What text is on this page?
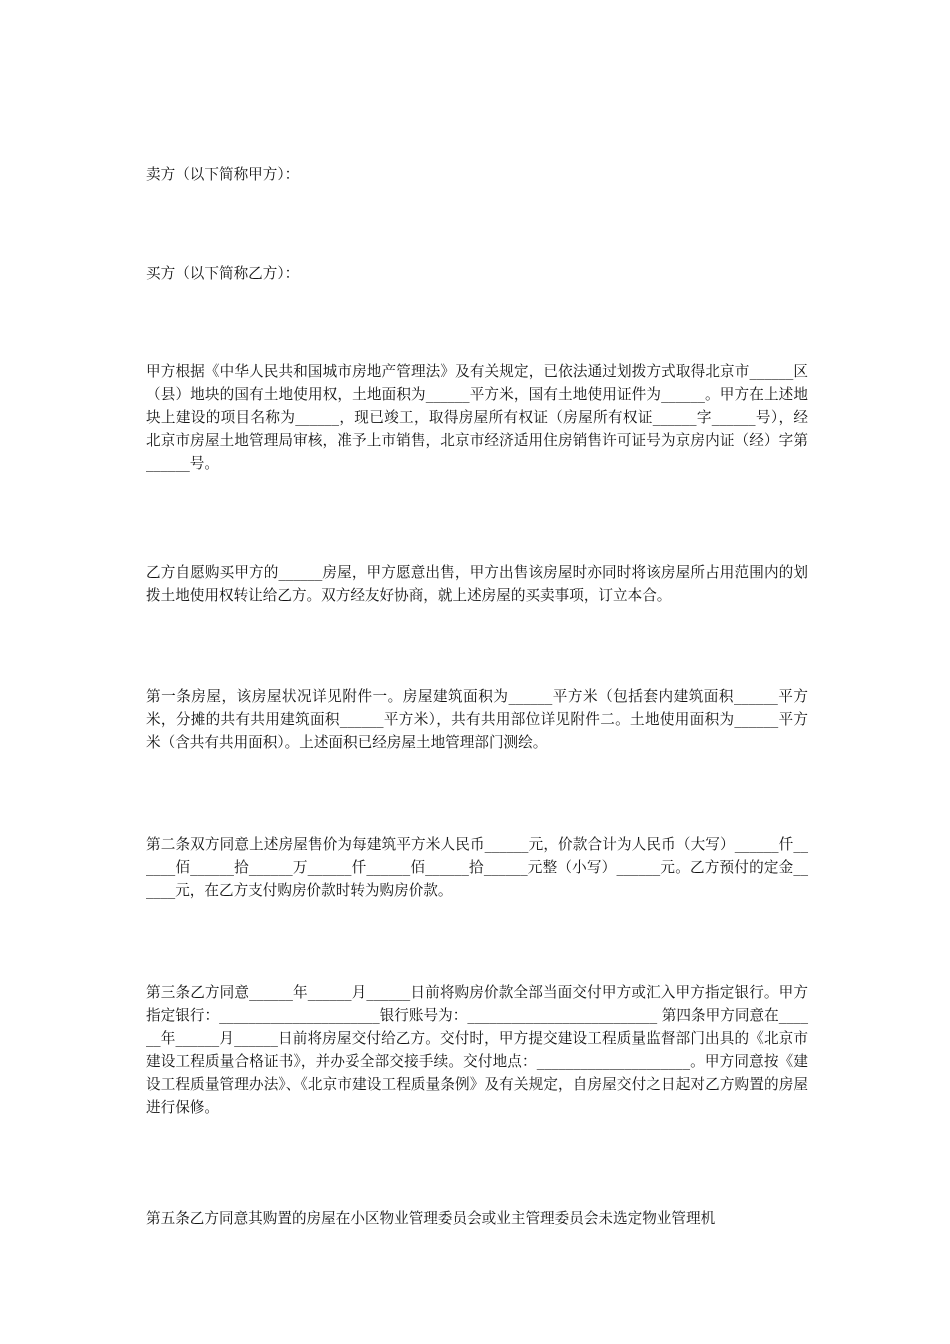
卖方（以下简称甲方）：

买方（以下简称乙方）：

甲方根据《中华人民共和国城市房地产管理法》及有关规定，已依法通过划拨方式取得北京市______区（县）地块的国有土地使用权，土地面积为______平方米，国有土地使用证件为______。甲方在上述地块上建设的项目名称为______，现已竣工，取得房屋所有权证（房屋所有权证______字______号），经北京市房屋土地管理局审核，准予上市销售，北京市经济适用住房销售许可证号为京房内证（经）字第______号。

乙方自愿购买甲方的______房屋，甲方愿意出售，甲方出售该房屋时亦同时将该房屋所占用范围内的划拨土地使用权转让给乙方。双方经友好协商，就上述房屋的买卖事项，订立本合。

第一条房屋，该房屋状况详见附件一。房屋建筑面积为______平方米（包括套内建筑面积______平方米，分摊的共有共用建筑面积______平方米），共有共用部位详见附件二。土地使用面积为______平方米（含共有共用面积）。上述面积已经房屋土地管理部门测绘。

第二条双方同意上述房屋售价为每建筑平方米人民币______元，价款合计为人民币（大写）______仟______佰______拾______万______仟______佰______拾______元整（小写）______元。乙方预付的定金______元，在乙方支付购房价款时转为购房价款。

第三条乙方同意______年______月______日前将购房价款全部当面交付甲方或汇入甲方指定银行。甲方指定银行：______________________银行账号为：__________________________ 第四条甲方同意在______年______月______日前将房屋交付给乙方。交付时，甲方提交建设工程质量监督部门出具的《北京市建设工程质量合格证书》，并办妥全部交接手续。交付地点：_____________________。甲方同意按《建设工程质量管理办法》、《北京市建设工程质量条例》及有关规定，自房屋交付之日起对乙方购置的房屋进行保修。

第五条乙方同意其购置的房屋在小区物业管理委员会或业主管理委员会未选定物业管理机
